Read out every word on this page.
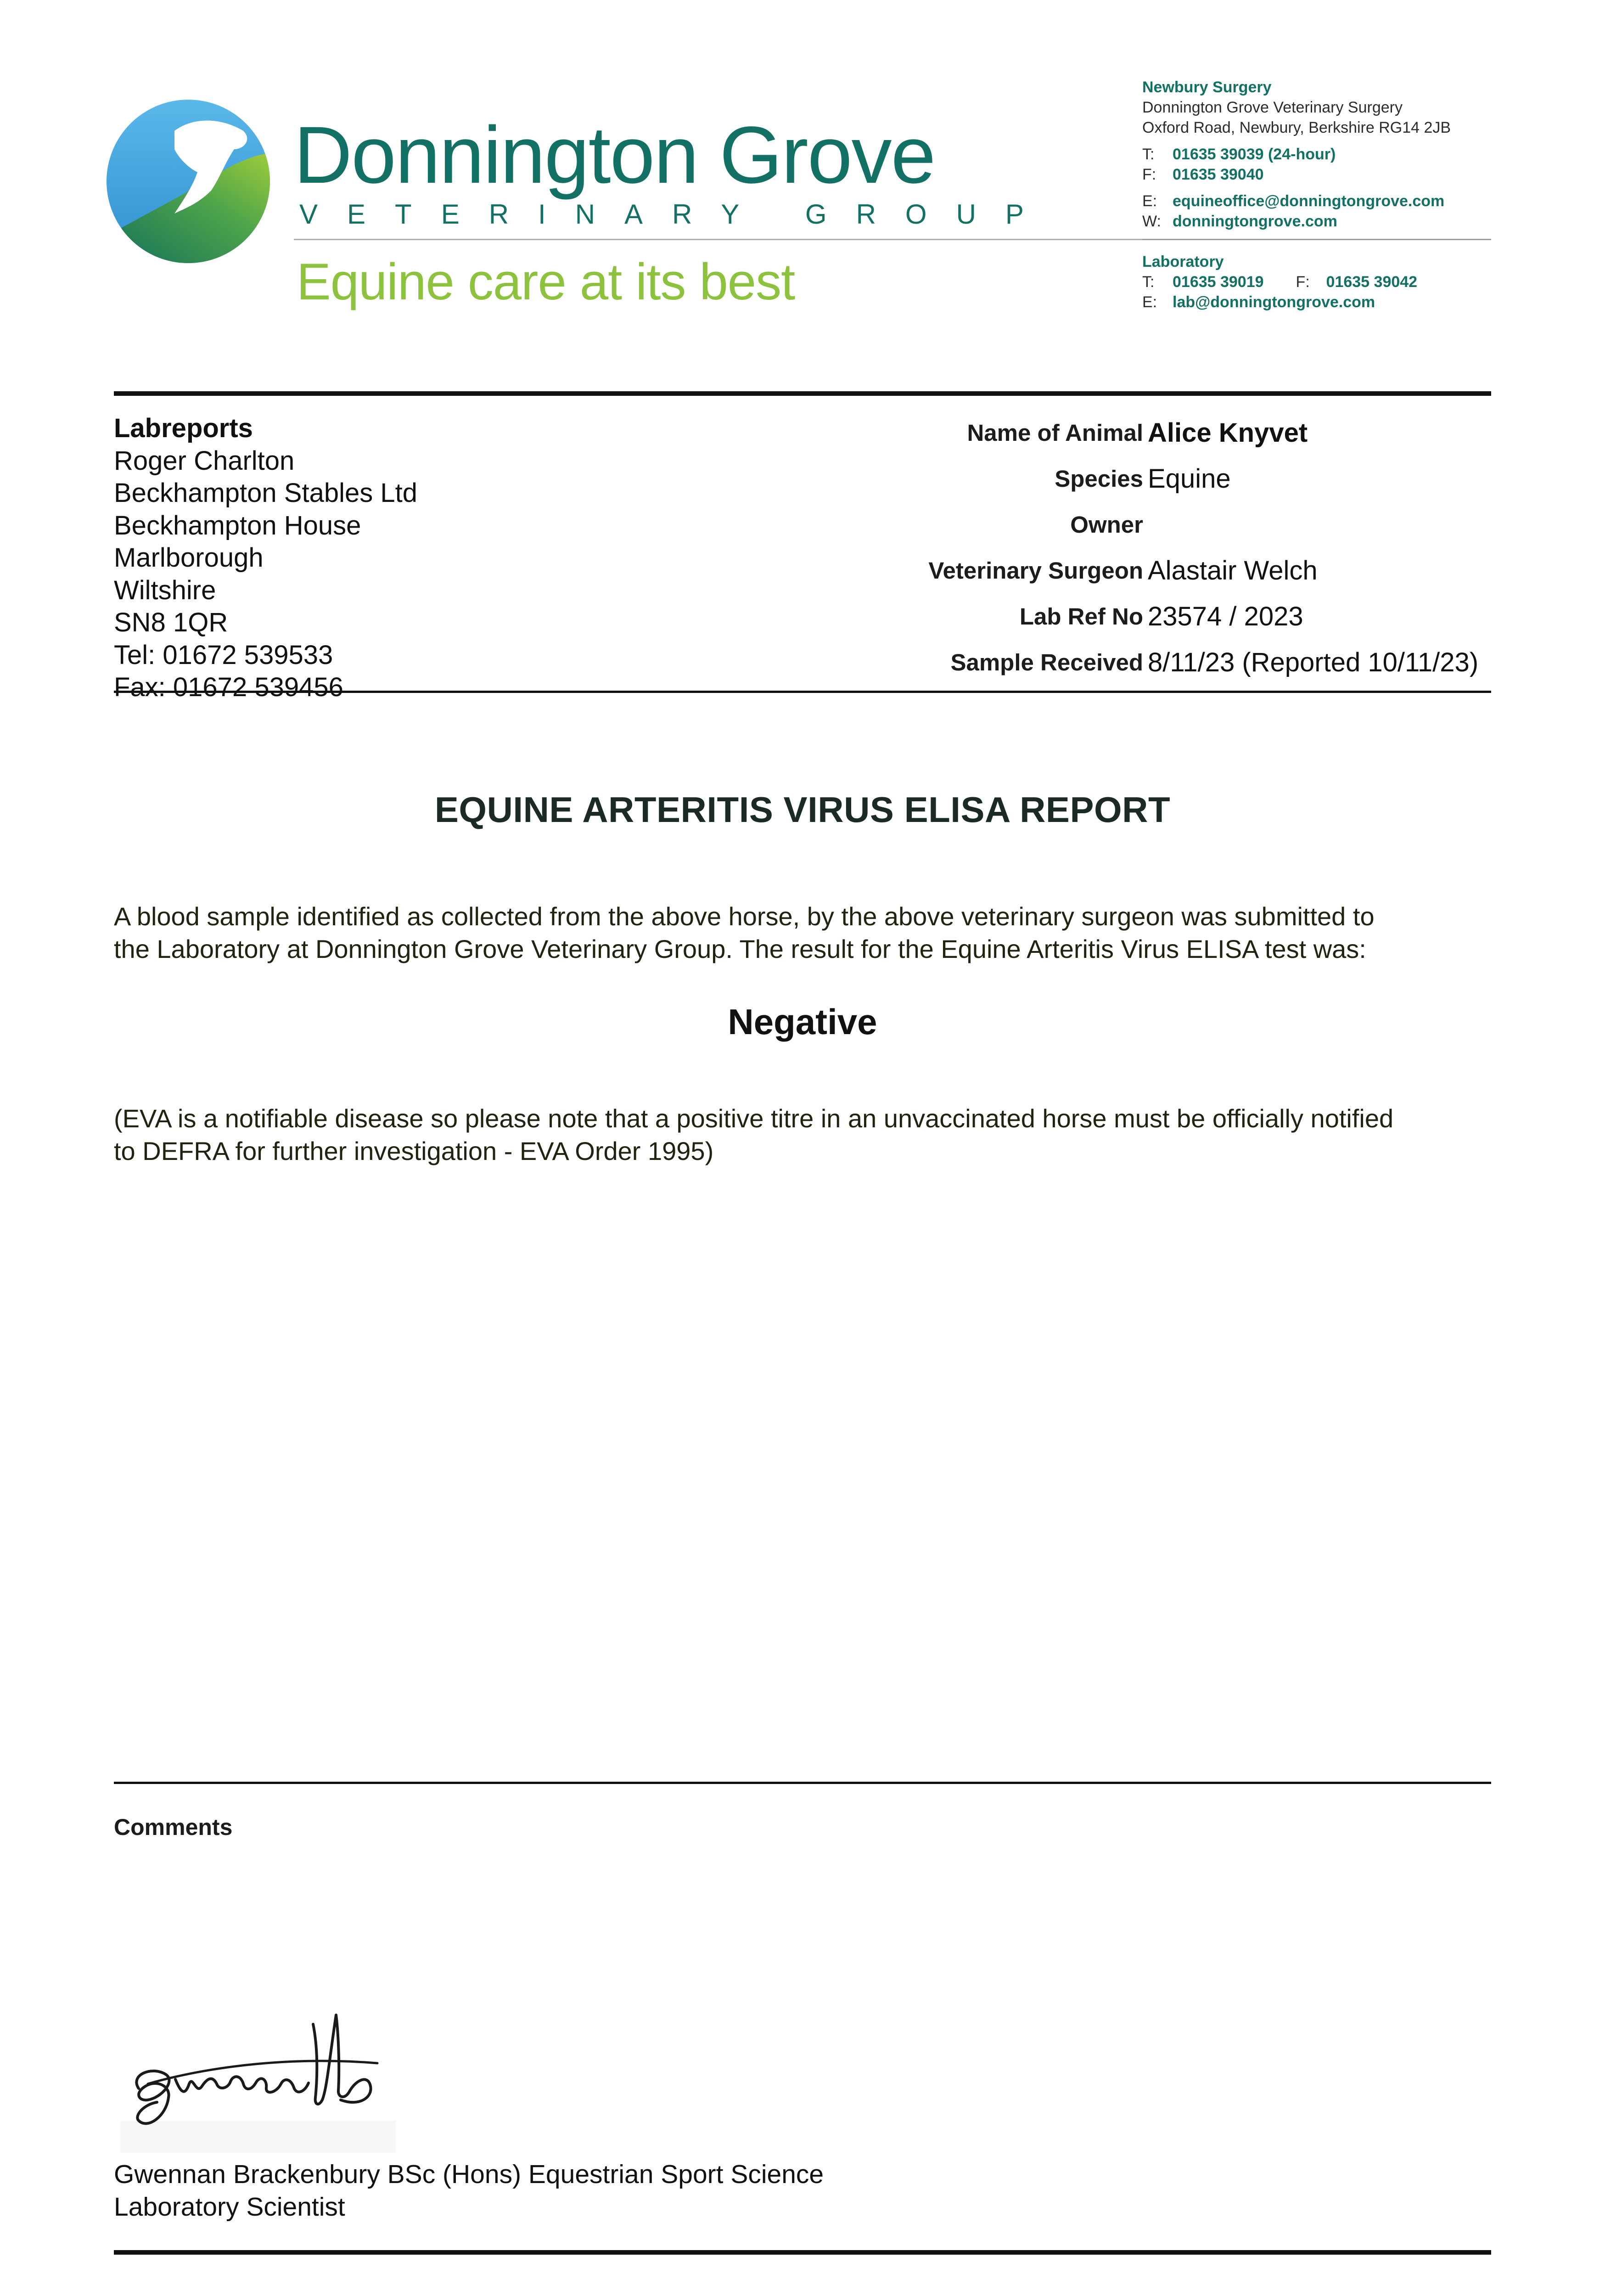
Donnington Grove
VETERINARY GROUP
Equine care at its best
Newbury Surgery
Donnington Grove Veterinary Surgery
Oxford Road, Newbury, Berkshire RG14 2JB
T: 01635 39039 (24-hour)
F: 01635 39040
E: equineoffice@donningtongrove.com
W: donningtongrove.com
Laboratory
T: 01635 39019 F: 01635 39042
E: lab@donningtongrove.com
Labreports
Roger Charlton
Beckhampton Stables Ltd
Beckhampton House
Marlborough
Wiltshire
SN8 1QR
Tel: 01672 539533
Fax: 01672 539456
Name of Animal Alice Knyvet
Species Equine
Owner
Veterinary Surgeon Alastair Welch
Lab Ref No 23574 / 2023
Sample Received 8/11/23 (Reported 10/11/23)
EQUINE ARTERITIS VIRUS ELISA REPORT
A blood sample identified as collected from the above horse, by the above veterinary surgeon was submitted to
the Laboratory at Donnington Grove Veterinary Group. The result for the Equine Arteritis Virus ELISA test was:
Negative
(EVA is a notifiable disease so please note that a positive titre in an unvaccinated horse must be officially notified
to DEFRA for further investigation - EVA Order 1995)
Comments
Gwennan Brackenbury BSc (Hons) Equestrian Sport Science
Laboratory Scientist
